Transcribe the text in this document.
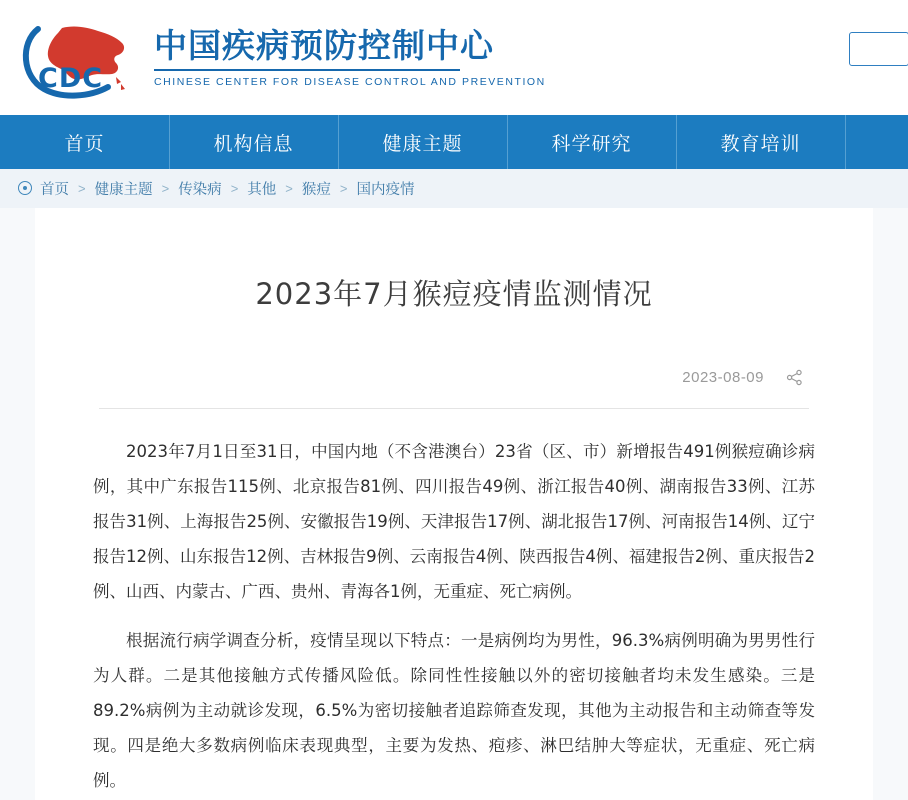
CDC
中国疾病预防控制中心
CHINESE CENTER FOR DISEASE CONTROL AND PREVENTION
首页	机构信息	健康主题	科学研究	教育培训
首页 > 健康主题 > 传染病 > 其他 > 猴痘 > 国内疫情
2023年7月猴痘疫情监测情况
2023-08-09

2023年7月1日至31日，中国内地（不含港澳台）23省（区、市）新增报告491例猴痘确诊病例，其中广东报告115例、北京报告81例、四川报告49例、浙江报告40例、湖南报告33例、江苏报告31例、上海报告25例、安徽报告19例、天津报告17例、湖北报告17例、河南报告14例、辽宁报告12例、山东报告12例、吉林报告9例、云南报告4例、陕西报告4例、福建报告2例、重庆报告2例、山西、内蒙古、广西、贵州、青海各1例，无重症、死亡病例。

根据流行病学调查分析，疫情呈现以下特点：一是病例均为男性，96.3%病例明确为男男性行为人群。二是其他接触方式传播风险低。除同性性接触以外的密切接触者均未发生感染。三是89.2%病例为主动就诊发现，6.5%为密切接触者追踪筛查发现，其他为主动报告和主动筛查等发现。四是绝大多数病例临床表现典型，主要为发热、疱疹、淋巴结肿大等症状，无重症、死亡病例。
